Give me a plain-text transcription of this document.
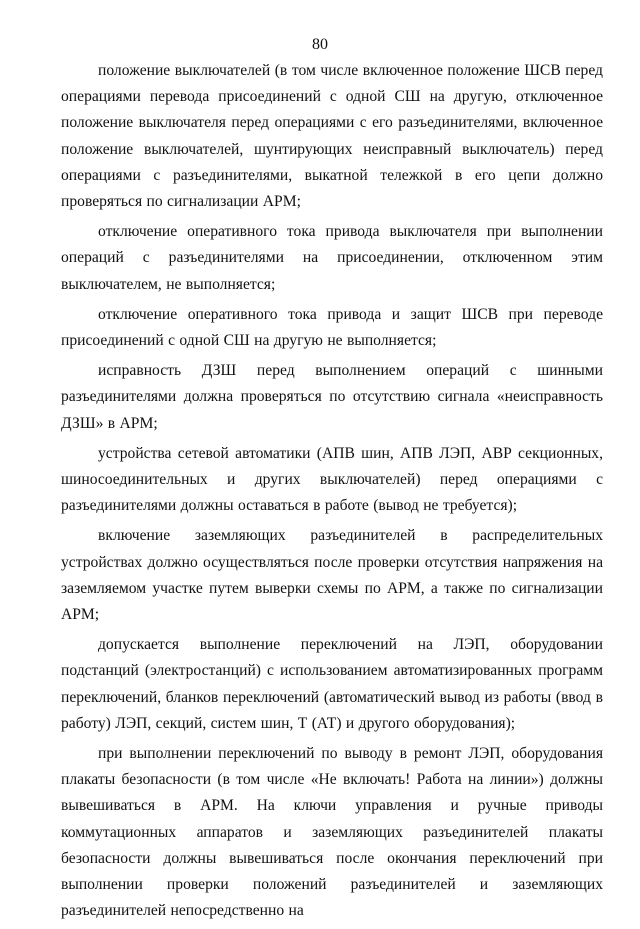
80

положение выключателей (в том числе включенное положение ШСВ перед операциями перевода присоединений с одной СШ на другую, отключенное положение выключателя перед операциями с его разъединителями, включенное положение выключателей, шунтирующих неисправный выключатель) перед операциями с разъединителями, выкатной тележкой в его цепи должно проверяться по сигнализации АРМ;

отключение оперативного тока привода выключателя при выполнении операций с разъединителями на присоединении, отключенном этим выключателем, не выполняется;

отключение оперативного тока привода и защит ШСВ при переводе присоединений с одной СШ на другую не выполняется;

исправность ДЗШ перед выполнением операций с шинными разъединителями должна проверяться по отсутствию сигнала «неисправность ДЗШ» в АРМ;

устройства сетевой автоматики (АПВ шин, АПВ ЛЭП, АВР секционных, шиносоединительных и других выключателей) перед операциями с разъединителями должны оставаться в работе (вывод не требуется);

включение заземляющих разъединителей в распределительных устройствах должно осуществляться после проверки отсутствия напряжения на заземляемом участке путем выверки схемы по АРМ, а также по сигнализации АРМ;

допускается выполнение переключений на ЛЭП, оборудовании подстанций (электростанций) с использованием автоматизированных программ переключений, бланков переключений (автоматический вывод из работы (ввод в работу) ЛЭП, секций, систем шин, Т (АТ) и другого оборудования);

при выполнении переключений по выводу в ремонт ЛЭП, оборудования плакаты безопасности (в том числе «Не включать! Работа на линии») должны вывешиваться в АРМ. На ключи управления и ручные приводы коммутационных аппаратов и заземляющих разъединителей плакаты безопасности должны вывешиваться после окончания переключений при выполнении проверки положений разъединителей и заземляющих разъединителей непосредственно на
